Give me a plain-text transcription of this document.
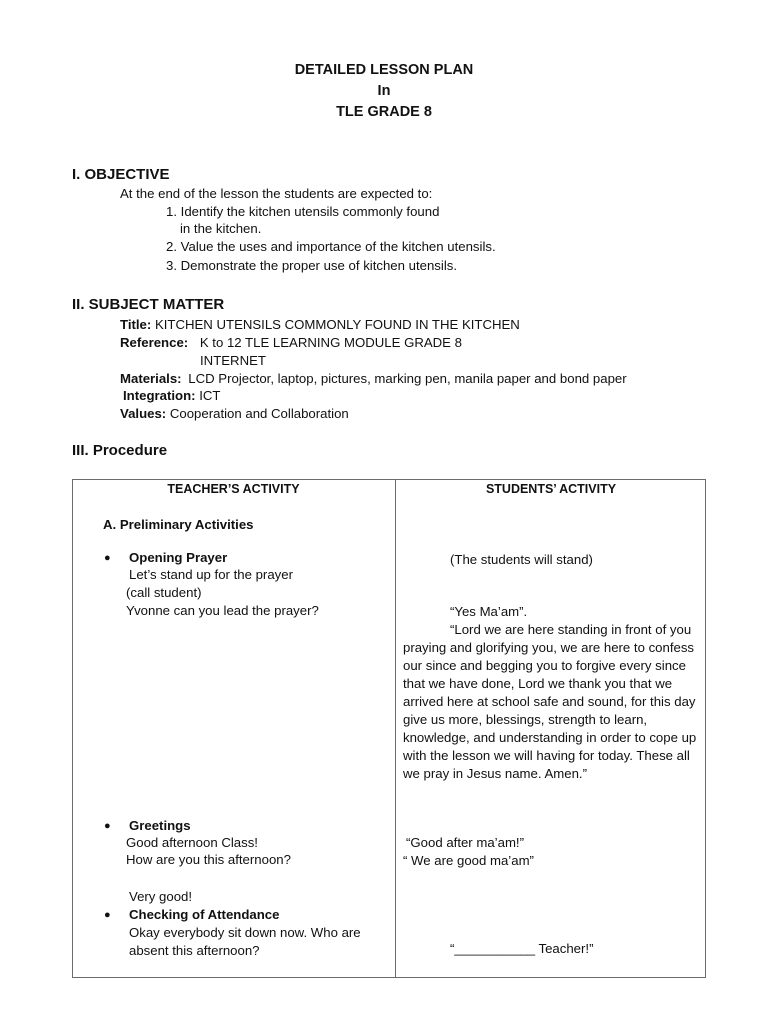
DETAILED LESSON PLAN
In
TLE GRADE 8
I. OBJECTIVE
At the end of the lesson the students are expected to:
1. Identify the kitchen utensils commonly found
in the kitchen.
2. Value the uses and importance of the kitchen utensils.
3. Demonstrate the proper use of kitchen utensils.
II. SUBJECT MATTER
Title: KITCHEN UTENSILS COMMONLY FOUND IN THE KITCHEN
Reference: K to 12 TLE LEARNING MODULE GRADE 8
INTERNET
Materials: LCD Projector, laptop, pictures, marking pen, manila paper and bond paper
Integration: ICT
Values: Cooperation and Collaboration
III. Procedure
TEACHER’S ACTIVITY	STUDENTS’ ACTIVITY
A. Preliminary Activities
● Opening Prayer
Let’s stand up for the prayer
(call student)
Yvonne can you lead the prayer?
● Greetings
Good afternoon Class!
How are you this afternoon?
Very good!
● Checking of Attendance
Okay everybody sit down now. Who are
absent this afternoon?
(The students will stand)
“Yes Ma’am”.
“Lord we are here standing in front of you praying and glorifying you, we are here to confess our since and begging you to forgive every since that we have done, Lord we thank you that we arrived here at school safe and sound, for this day give us more, blessings, strength to learn, knowledge, and understanding in order to cope up with the lesson we will having for today. These all we pray in Jesus name. Amen.”
“Good after ma’am!”
“ We are good ma’am”
“___________ Teacher!”
